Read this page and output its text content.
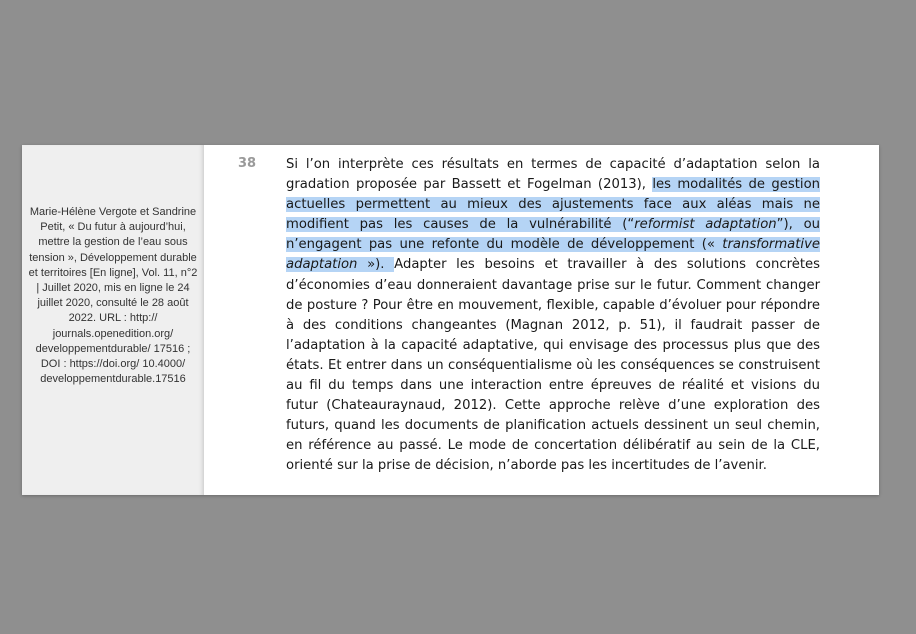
Marie-Hélène Vergote et Sandrine Petit, « Du futur à aujourd’hui, mettre la gestion de l’eau sous tension », Développement durable et territoires [En ligne], Vol. 11, n°2 | Juillet 2020, mis en ligne le 24 juillet 2020, consulté le 28 août 2022. URL : http:// journals.openedition.org/ developpementdurable/ 17516 ; DOI : https://doi.org/ 10.4000/ developpementdurable.17516
38	Si l’on interprète ces résultats en termes de capacité d’adaptation selon la gradation proposée par Bassett et Fogelman (2013), les modalités de gestion actuelles permettent au mieux des ajustements face aux aléas mais ne modifient pas les causes de la vulnérabilité (“reformist adaptation”), ou n’engagent pas une refonte du modèle de développement (« transformative adaptation »). Adapter les besoins et travailler à des solutions concrètes d’économies d’eau donneraient davantage prise sur le futur. Comment changer de posture ? Pour être en mouvement, flexible, capable d’évoluer pour répondre à des conditions changeantes (Magnan 2012, p. 51), il faudrait passer de l’adaptation à la capacité adaptative, qui envisage des processus plus que des états. Et entrer dans un conséquentialisme où les conséquences se construisent au fil du temps dans une interaction entre épreuves de réalité et visions du futur (Chateauraynaud, 2012). Cette approche relève d’une exploration des futurs, quand les documents de planification actuels dessinent un seul chemin, en référence au passé. Le mode de concertation délibératif au sein de la CLE, orienté sur la prise de décision, n’aborde pas les incertitudes de l’avenir.
